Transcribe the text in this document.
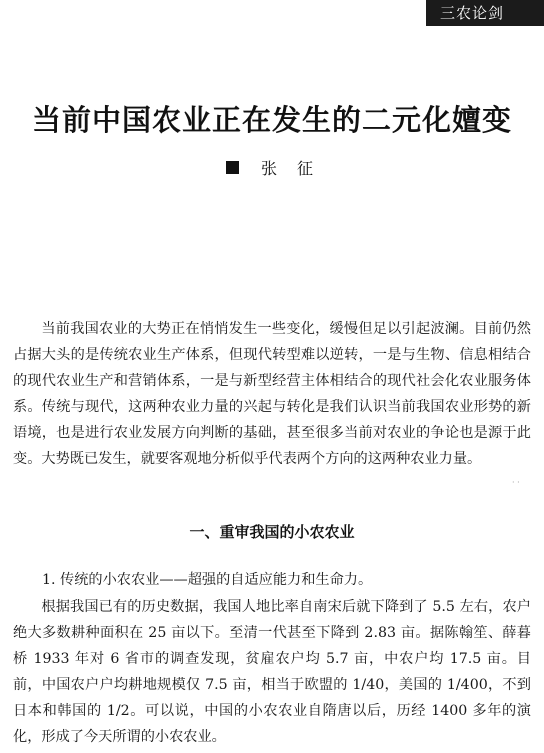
三农论剑
当前中国农业正在发生的二元化嬗变
张征

当前我国农业的大势正在悄悄发生一些变化，缓慢但足以引起波澜。目前仍然占据大头的是传统农业生产体系，但现代转型难以逆转，一是与生物、信息相结合的现代农业生产和营销体系，一是与新型经营主体相结合的现代社会化农业服务体系。传统与现代，这两种农业力量的兴起与转化是我们认识当前我国农业形势的新语境，也是进行农业发展方向判断的基础，甚至很多当前对农业的争论也是源于此变。大势既已发生，就要客观地分析似乎代表两个方向的这两种农业力量。

· ·
一、重审我国的小农农业
1. 传统的小农农业——超强的自适应能力和生命力。

根据我国已有的历史数据，我国人地比率自南宋后就下降到了 5.5 左右，农户绝大多数耕种面积在 25 亩以下。至清一代甚至下降到 2.83 亩。据陈翰笙、薛暮桥 1933 年对 6 省市的调查发现，贫雇农户均 5.7 亩，中农户均 17.5 亩。目前，中国农户户均耕地规模仅 7.5 亩，相当于欧盟的 1/40，美国的 1/400，不到日本和韩国的 1/2。可以说，中国的小农农业自隋唐以后，历经 1400 多年的演化，形成了今天所谓的小农农业。
